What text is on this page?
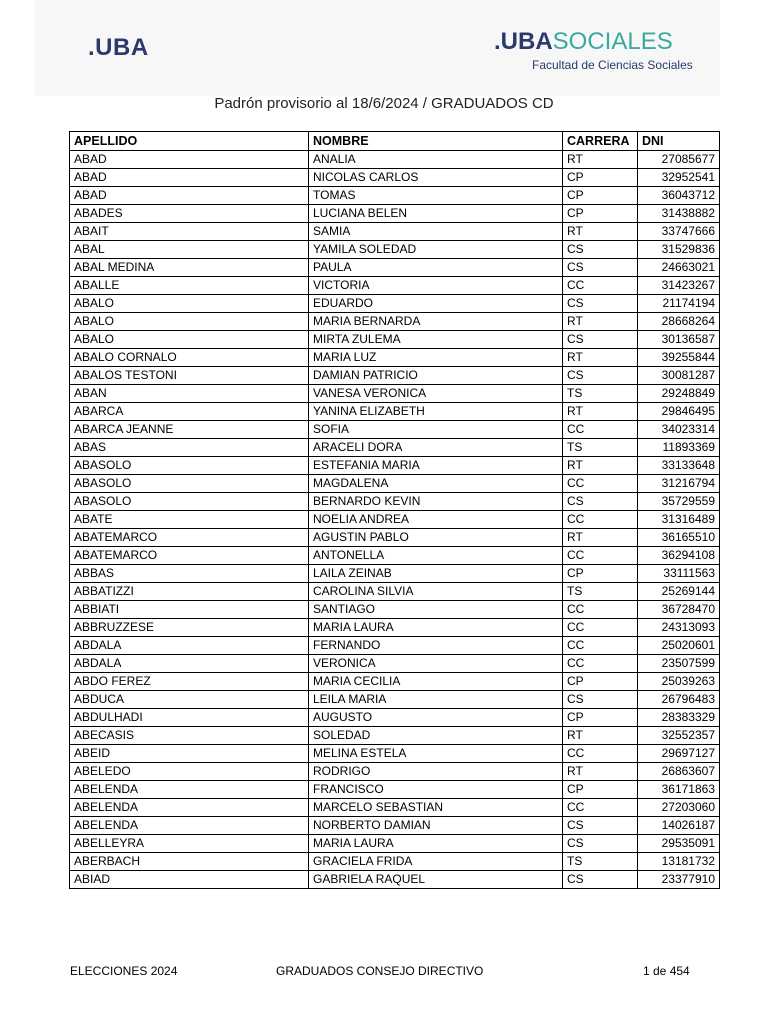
.UBA	.UBASOCIALES
Facultad de Ciencias Sociales
Padrón provisorio al 18/6/2024 / GRADUADOS CD
APELLIDO	NOMBRE	CARRERA	DNI
ABAD	ANALIA	RT	27085677
ABAD	NICOLAS CARLOS	CP	32952541
ABAD	TOMAS	CP	36043712
ABADES	LUCIANA BELEN	CP	31438882
ABAIT	SAMIA	RT	33747666
ABAL	YAMILA SOLEDAD	CS	31529836
ABAL MEDINA	PAULA	CS	24663021
ABALLE	VICTORIA	CC	31423267
ABALO	EDUARDO	CS	21174194
ABALO	MARIA BERNARDA	RT	28668264
ABALO	MIRTA ZULEMA	CS	30136587
ABALO CORNALO	MARIA LUZ	RT	39255844
ABALOS TESTONI	DAMIAN PATRICIO	CS	30081287
ABAN	VANESA VERONICA	TS	29248849
ABARCA	YANINA ELIZABETH	RT	29846495
ABARCA JEANNE	SOFIA	CC	34023314
ABAS	ARACELI DORA	TS	11893369
ABASOLO	ESTEFANIA MARIA	RT	33133648
ABASOLO	MAGDALENA	CC	31216794
ABASOLO	BERNARDO KEVIN	CS	35729559
ABATE	NOELIA ANDREA	CC	31316489
ABATEMARCO	AGUSTIN PABLO	RT	36165510
ABATEMARCO	ANTONELLA	CC	36294108
ABBAS	LAILA ZEINAB	CP	33111563
ABBATIZZI	CAROLINA SILVIA	TS	25269144
ABBIATI	SANTIAGO	CC	36728470
ABBRUZZESE	MARIA LAURA	CC	24313093
ABDALA	FERNANDO	CC	25020601
ABDALA	VERONICA	CC	23507599
ABDO FEREZ	MARIA CECILIA	CP	25039263
ABDUCA	LEILA MARIA	CS	26796483
ABDULHADI	AUGUSTO	CP	28383329
ABECASIS	SOLEDAD	RT	32552357
ABEID	MELINA ESTELA	CC	29697127
ABELEDO	RODRIGO	RT	26863607
ABELENDA	FRANCISCO	CP	36171863
ABELENDA	MARCELO SEBASTIAN	CC	27203060
ABELENDA	NORBERTO DAMIAN	CS	14026187
ABELLEYRA	MARIA LAURA	CS	29535091
ABERBACH	GRACIELA FRIDA	TS	13181732
ABIAD	GABRIELA RAQUEL	CS	23377910
ELECCIONES 2024	GRADUADOS CONSEJO DIRECTIVO	1 de 454
